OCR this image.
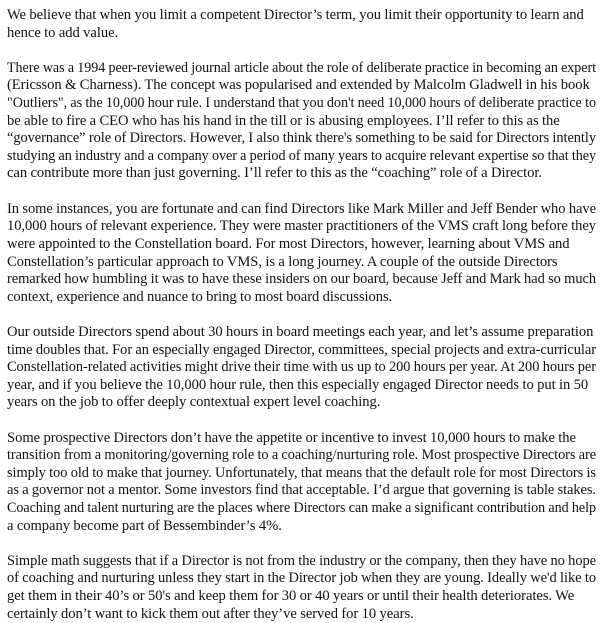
We believe that when you limit a competent Director’s term, you limit their opportunity to learn and
hence to add value.

There was a 1994 peer-reviewed journal article about the role of deliberate practice in becoming an expert
(Ericsson & Charness). The concept was popularised and extended by Malcolm Gladwell in his book
"Outliers", as the 10,000 hour rule. I understand that you don't need 10,000 hours of deliberate practice to
be able to fire a CEO who has his hand in the till or is abusing employees. I’ll refer to this as the
“governance” role of Directors. However, I also think there's something to be said for Directors intently
studying an industry and a company over a period of many years to acquire relevant expertise so that they
can contribute more than just governing. I’ll refer to this as the “coaching” role of a Director.

In some instances, you are fortunate and can find Directors like Mark Miller and Jeff Bender who have
10,000 hours of relevant experience. They were master practitioners of the VMS craft long before they
were appointed to the Constellation board. For most Directors, however, learning about VMS and
Constellation’s particular approach to VMS, is a long journey. A couple of the outside Directors
remarked how humbling it was to have these insiders on our board, because Jeff and Mark had so much
context, experience and nuance to bring to most board discussions.

Our outside Directors spend about 30 hours in board meetings each year, and let’s assume preparation
time doubles that. For an especially engaged Director, committees, special projects and extra-curricular
Constellation-related activities might drive their time with us up to 200 hours per year. At 200 hours per
year, and if you believe the 10,000 hour rule, then this especially engaged Director needs to put in 50
years on the job to offer deeply contextual expert level coaching.

Some prospective Directors don’t have the appetite or incentive to invest 10,000 hours to make the
transition from a monitoring/governing role to a coaching/nurturing role. Most prospective Directors are
simply too old to make that journey. Unfortunately, that means that the default role for most Directors is
as a governor not a mentor. Some investors find that acceptable. I’d argue that governing is table stakes.
Coaching and talent nurturing are the places where Directors can make a significant contribution and help
a company become part of Bessembinder’s 4%.

Simple math suggests that if a Director is not from the industry or the company, then they have no hope
of coaching and nurturing unless they start in the Director job when they are young. Ideally we'd like to
get them in their 40’s or 50's and keep them for 30 or 40 years or until their health deteriorates. We
certainly don’t want to kick them out after they’ve served for 10 years.
